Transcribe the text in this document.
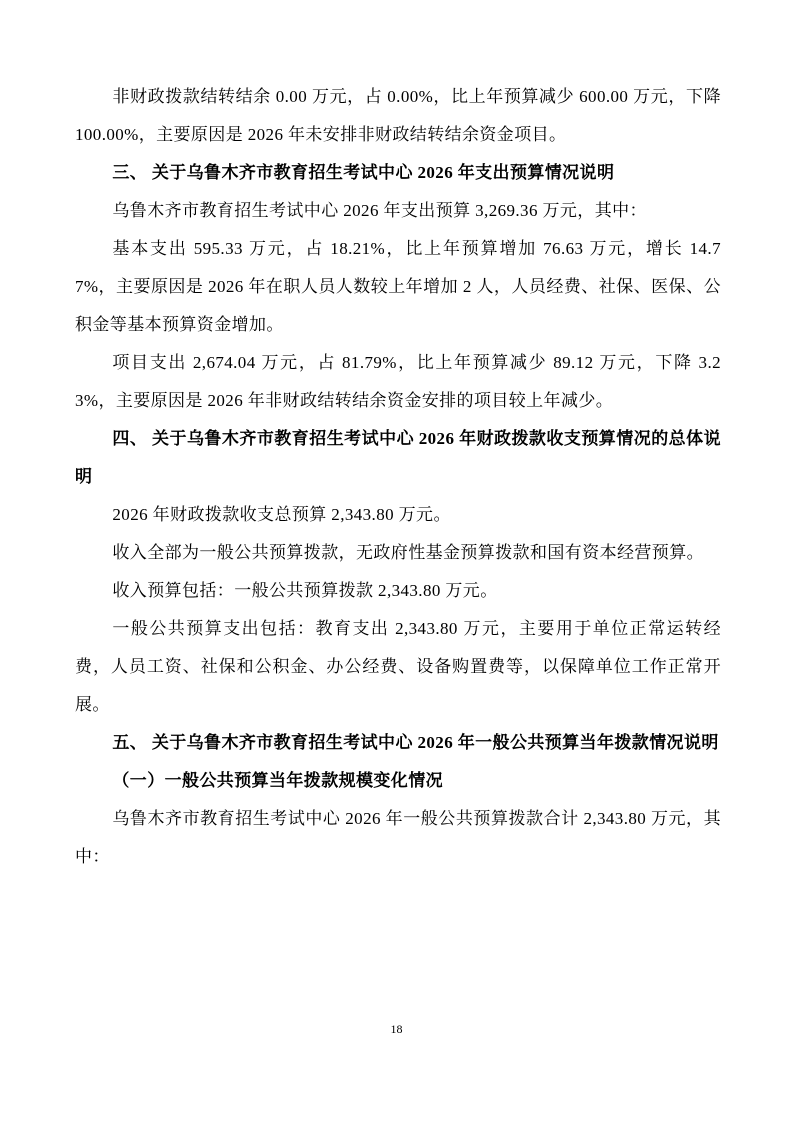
非财政拨款结转结余 0.00 万元，占 0.00%，比上年预算减少 600.00 万元，下降 100.00%，主要原因是 2026 年未安排非财政结转结余资金项目。

三、 关于乌鲁木齐市教育招生考试中心 2026 年支出预算情况说明

乌鲁木齐市教育招生考试中心 2026 年支出预算 3,269.36 万元，其中：

基本支出 595.33 万元，占 18.21%，比上年预算增加 76.63 万元，增长 14.77%，主要原因是 2026 年在职人员人数较上年增加 2 人，人员经费、社保、医保、公积金等基本预算资金增加。

项目支出 2,674.04 万元，占 81.79%，比上年预算减少 89.12 万元，下降 3.23%，主要原因是 2026 年非财政结转结余资金安排的项目较上年减少。

四、 关于乌鲁木齐市教育招生考试中心 2026 年财政拨款收支预算情况的总体说明

2026 年财政拨款收支总预算 2,343.80 万元。

收入全部为一般公共预算拨款，无政府性基金预算拨款和国有资本经营预算。

收入预算包括：一般公共预算拨款 2,343.80 万元。

一般公共预算支出包括：教育支出 2,343.80 万元，主要用于单位正常运转经费，人员工资、社保和公积金、办公经费、设备购置费等，以保障单位工作正常开展。

五、 关于乌鲁木齐市教育招生考试中心 2026 年一般公共预算当年拨款情况说明

（一）一般公共预算当年拨款规模变化情况

乌鲁木齐市教育招生考试中心 2026 年一般公共预算拨款合计 2,343.80 万元，其中：

18
